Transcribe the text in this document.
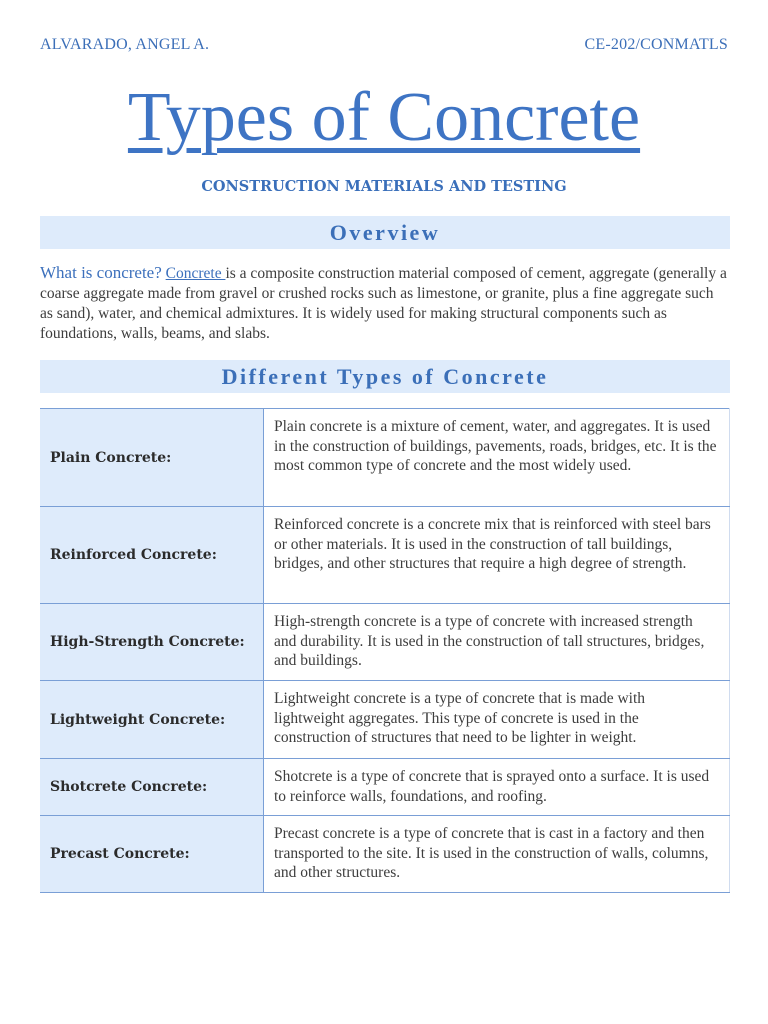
ALVARADO, ANGEL A.	CE-202/CONMATLS
Types of Concrete
CONSTRUCTION MATERIALS AND TESTING
Overview
What is concrete? Concrete is a composite construction material composed of cement, aggregate (generally a coarse aggregate made from gravel or crushed rocks such as limestone, or granite, plus a fine aggregate such as sand), water, and chemical admixtures. It is widely used for making structural components such as foundations, walls, beams, and slabs.
Different Types of Concrete
Plain Concrete:	Plain concrete is a mixture of cement, water, and aggregates. It is used in the construction of buildings, pavements, roads, bridges, etc. It is the most common type of concrete and the most widely used.
Reinforced Concrete:	Reinforced concrete is a concrete mix that is reinforced with steel bars or other materials. It is used in the construction of tall buildings, bridges, and other structures that require a high degree of strength.
High-Strength Concrete:	High-strength concrete is a type of concrete with increased strength and durability. It is used in the construction of tall structures, bridges, and buildings.
Lightweight Concrete:	Lightweight concrete is a type of concrete that is made with lightweight aggregates. This type of concrete is used in the construction of structures that need to be lighter in weight.
Shotcrete Concrete:	Shotcrete is a type of concrete that is sprayed onto a surface. It is used to reinforce walls, foundations, and roofing.
Precast Concrete:	Precast concrete is a type of concrete that is cast in a factory and then transported to the site. It is used in the construction of walls, columns, and other structures.
